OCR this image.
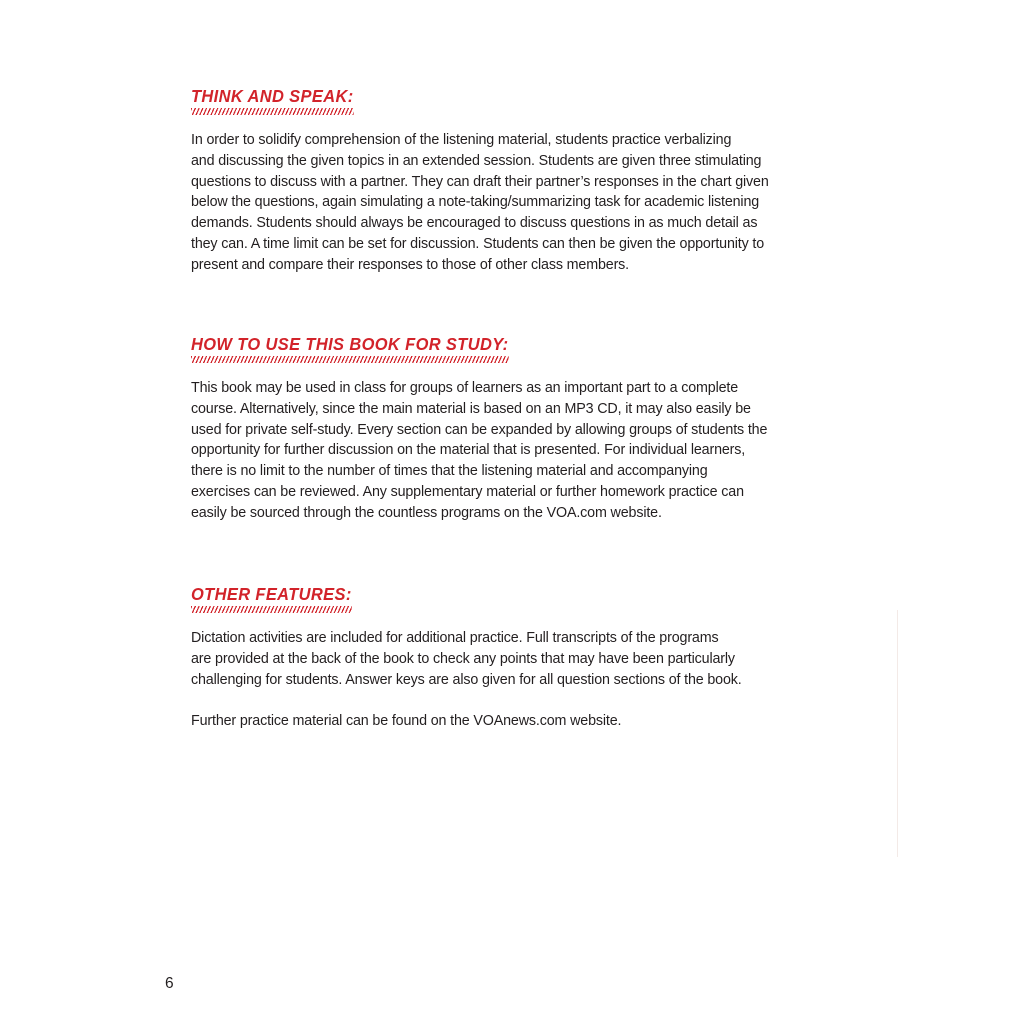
THINK AND SPEAK:

In order to solidify comprehension of the listening material, students practice verbalizing
and discussing the given topics in an extended session. Students are given three stimulating
questions to discuss with a partner. They can draft their partner’s responses in the chart given
below the questions, again simulating a note-taking/summarizing task for academic listening
demands. Students should always be encouraged to discuss questions in as much detail as
they can. A time limit can be set for discussion. Students can then be given the opportunity to
present and compare their responses to those of other class members.

HOW TO USE THIS BOOK FOR STUDY:

This book may be used in class for groups of learners as an important part to a complete
course. Alternatively, since the main material is based on an MP3 CD, it may also easily be
used for private self-study. Every section can be expanded by allowing groups of students the
opportunity for further discussion on the material that is presented. For individual learners,
there is no limit to the number of times that the listening material and accompanying
exercises can be reviewed. Any supplementary material or further homework practice can
easily be sourced through the countless programs on the VOA.com website.

OTHER FEATURES:

Dictation activities are included for additional practice. Full transcripts of the programs
are provided at the back of the book to check any points that may have been particularly
challenging for students. Answer keys are also given for all question sections of the book.

Further practice material can be found on the VOAnews.com website.

6
